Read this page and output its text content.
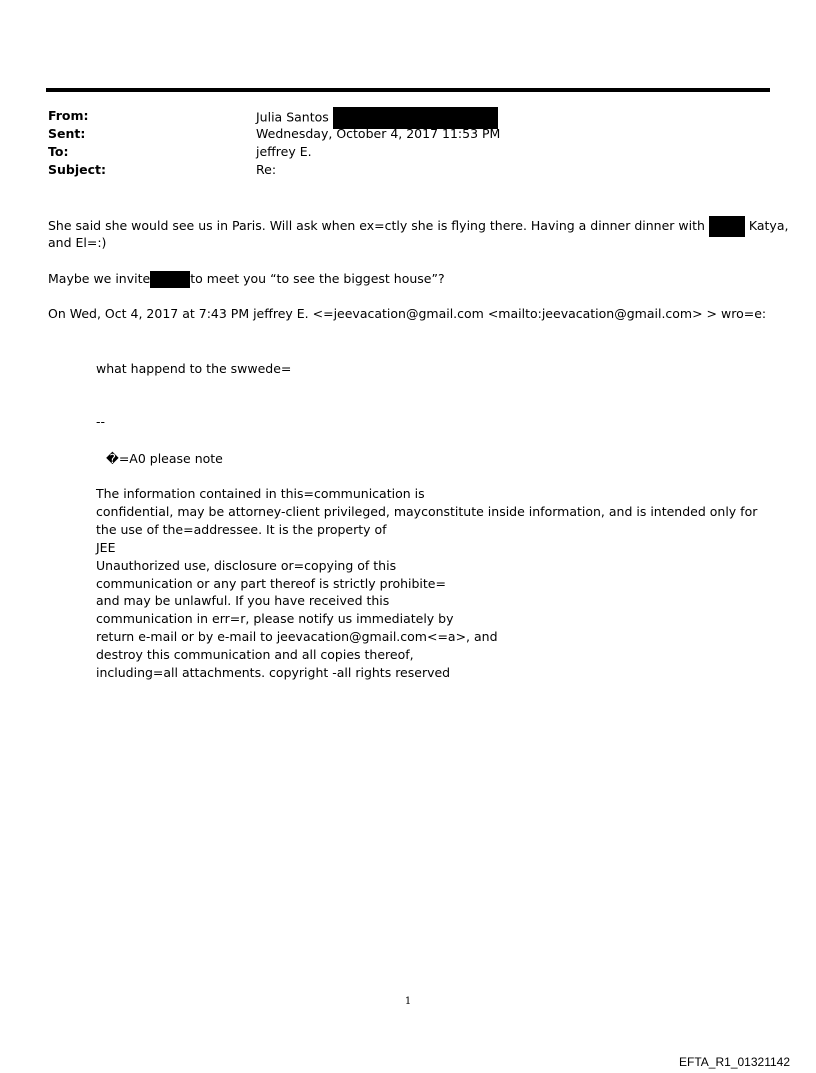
From:	Julia Santos
Sent:	Wednesday, October 4, 2017 11:53 PM
To:	jeffrey E.
Subject:	Re:
She said she would see us in Paris. Will ask when ex=ctly she is flying there. Having a dinner dinner with	Katya,
and El=:)
Maybe we invite	to meet you “to see the biggest house”?
On Wed, Oct 4, 2017 at 7:43 PM jeffrey E. <=jeevacation@gmail.com <mailto:jeevacation@gmail.com> > wro=e:
what happend to the swwede=
--
�=A0 please note
The information contained in this=communication is
confidential, may be attorney-client privileged, mayconstitute inside information, and is intended only for
the use of the=addressee. It is the property of
JEE
Unauthorized use, disclosure or=copying of this
communication or any part thereof is strictly prohibite=
and may be unlawful. If you have received this
communication in err=r, please notify us immediately by
return e-mail or by e-mail to jeevacation@gmail.com<=a>, and
destroy this communication and all copies thereof,
including=all attachments. copyright -all rights reserved
1
EFTA_R1_01321142
